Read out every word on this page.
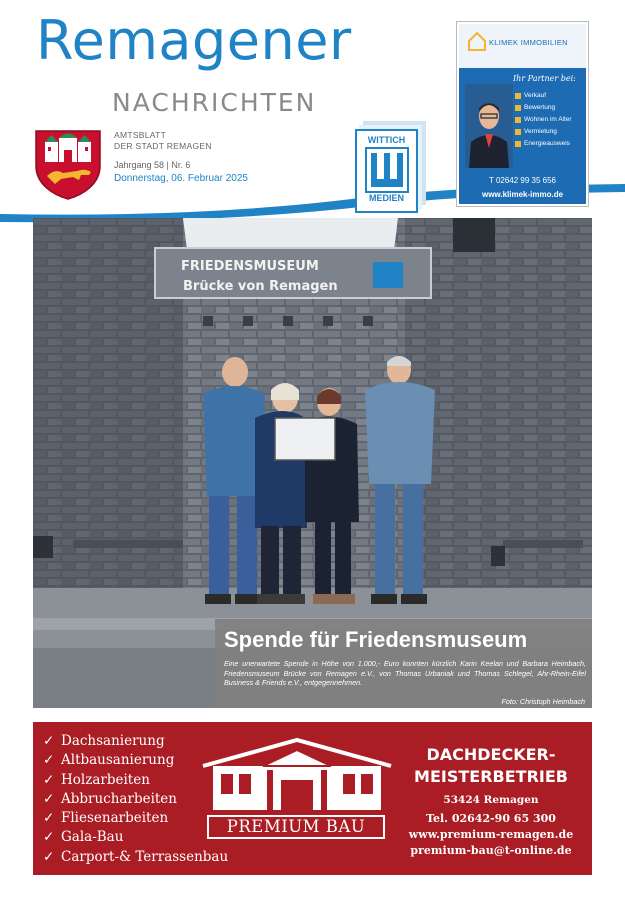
Remagener
NACHRICHTEN
AMTSBLATT
DER STADT REMAGEN
Jahrgang 58 | Nr. 6
Donnerstag, 06. Februar 2025
WITTICH
MEDIEN
KLIMEK IMMOBILIEN
Ihr Partner bei:
Verkauf
Bewertung
Wohnen im Alter
Vermietung
Energieausweis
T 02642 99 35 656
www.klimek-immo.de
FRIEDENSMUSEUM
Brücke von Remagen
Spende für Friedensmuseum
Eine unerwartete Spende in Höhe von 1.000,- Euro konnten kürzlich Karin Keelan und Barbara Heimbach, Friedensmuseum Brücke von Remagen e.V., von Thomas Urbaniak und Thomas Schlegel, Ahr-Rhein-Eifel Business & Friends e.V., entgegennehmen.
Foto: Christoph Heimbach
✓ Dachsanierung
✓ Altbausanierung
✓ Holzarbeiten
✓ Abbrucharbeiten
✓ Fliesenarbeiten
✓ Gala-Bau
✓ Carport-& Terrassenbau
PREMIUM BAU
DACHDECKER-
MEISTERBETRIEB
53424 Remagen
Tel. 02642-90 65 300
www.premium-remagen.de
premium-bau@t-online.de
